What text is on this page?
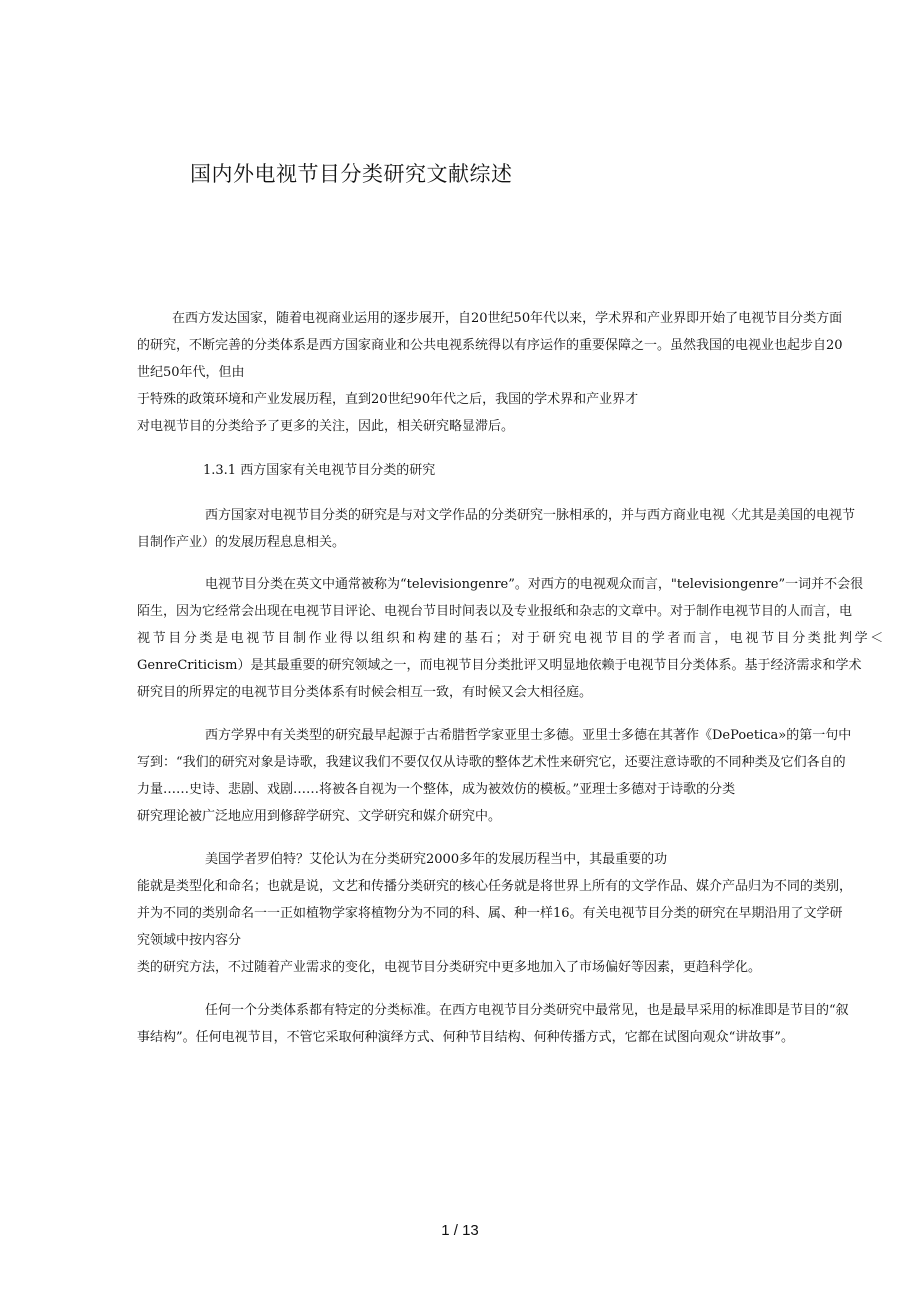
国内外电视节目分类研究文献综述
在西方发达国家，随着电视商业运用的逐步展开，自20世纪50年代以来，学术界和产业界即开始了电视节目分类方面
的研究，不断完善的分类体系是西方国家商业和公共电视系统得以有序运作的重要保障之一。虽然我国的电视业也起步自20
世纪50年代，但由
于特殊的政策环境和产业发展历程，直到20世纪90年代之后，我国的学术界和产业界才
对电视节目的分类给予了更多的关注，因此，相关研究略显滞后。
1.3.1 西方国家有关电视节目分类的研究
西方国家对电视节目分类的研究是与对文学作品的分类研究一脉相承的，并与西方商业电视〈尤其是美国的电视节
目制作产业）的发展历程息息相关。
电视节目分类在英文中通常被称为“televisiongenre”。对西方的电视观众而言，"televisiongenre”一词并不会很
陌生，因为它经常会出现在电视节目评论、电视台节目时间表以及专业报纸和杂志的文章中。对于制作电视节目的人而言，电
视节目分类是电视节目制作业得以组织和构建的基石；对于研究电视节目的学者而言，电视节目分类批判学＜
GenreCriticism）是其最重要的研究领域之一，而电视节目分类批评又明显地依赖于电视节目分类体系。基于经济需求和学术
研究目的所界定的电视节目分类体系有时候会相互一致，有时候又会大相径庭。
西方学界中有关类型的研究最早起源于古希腊哲学家亚里士多德。亚里士多德在其著作《DePoetica»的第一句中
写到：“我们的研究对象是诗歌，我建议我们不要仅仅从诗歌的整体艺术性来研究它，还要注意诗歌的不同种类及它们各自的
力量……史诗、悲剧、戏剧……将被各自视为一个整体，成为被效仿的模板。”亚理士多德对于诗歌的分类
研究理论被广泛地应用到修辞学研究、文学研究和媒介研究中。
美国学者罗伯特？艾伦认为在分类研究2000多年的发展历程当中，其最重要的功
能就是类型化和命名；也就是说，文艺和传播分类研究的核心任务就是将世界上所有的文学作品、媒介产品归为不同的类别，
并为不同的类别命名一一正如植物学家将植物分为不同的科、属、种一样16。有关电视节目分类的研究在早期沿用了文学研
究领域中按内容分
类的研究方法，不过随着产业需求的变化，电视节目分类研究中更多地加入了市场偏好等因素，更趋科学化。
任何一个分类体系都有特定的分类标准。在西方电视节目分类研究中最常见，也是最早采用的标准即是节目的“叙
事结构”。任何电视节目，不管它采取何种演绎方式、何种节目结构、何种传播方式，它都在试图向观众“讲故事”。
1 / 13
